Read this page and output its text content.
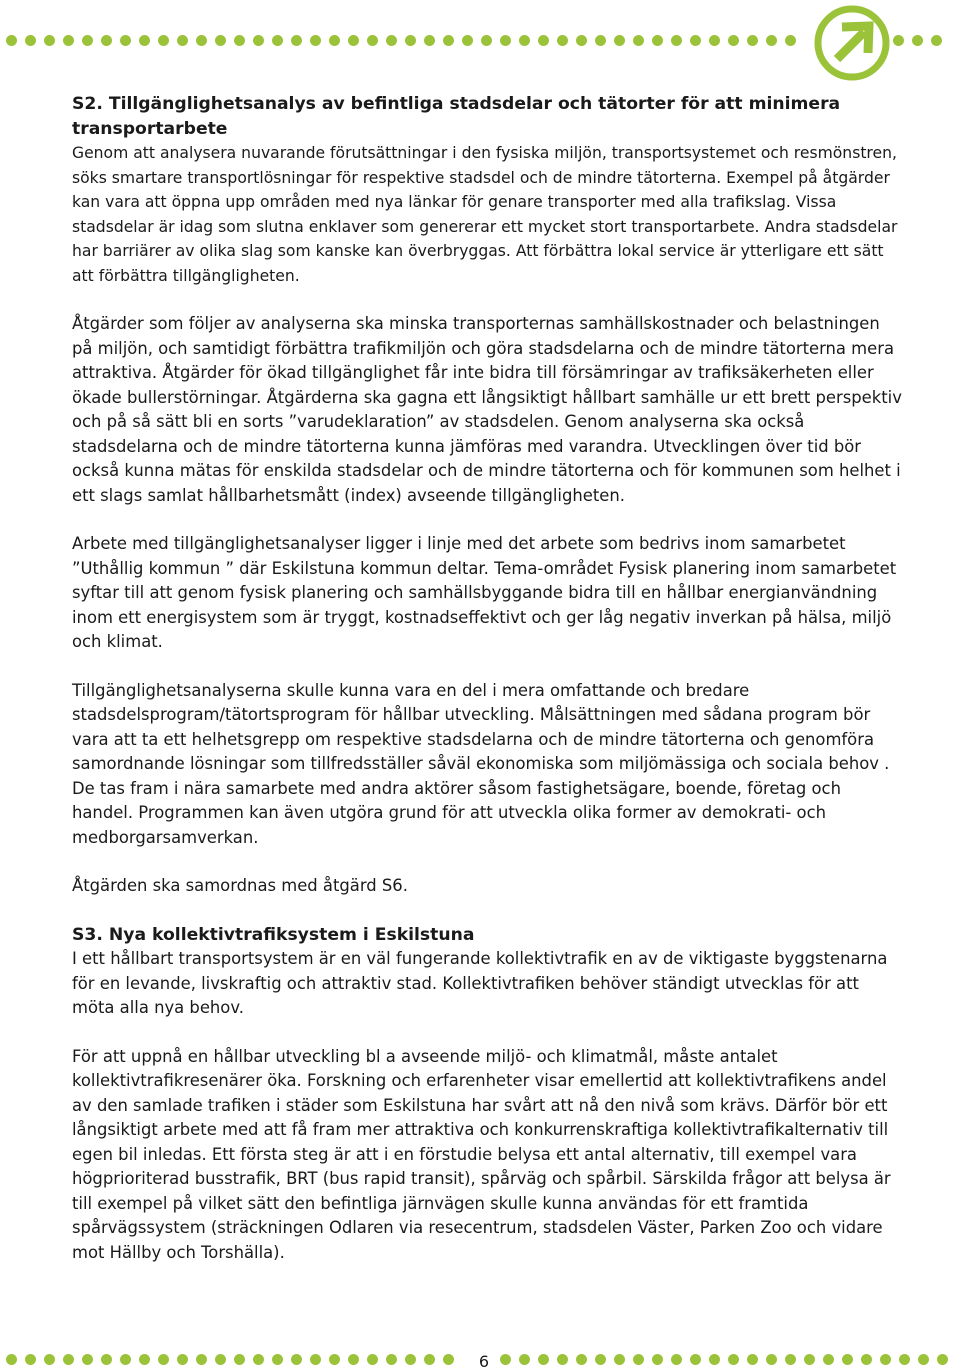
S2. Tillgänglighetsanalys av befintliga stadsdelar och tätorter för att minimera transportarbete

Genom att analysera nuvarande förutsättningar i den fysiska miljön, transportsystemet och resmönstren, söks smartare transportlösningar för respektive stadsdel och de mindre tätorterna. Exempel på åtgärder kan vara att öppna upp områden med nya länkar för genare transporter med alla trafikslag. Vissa stadsdelar är idag som slutna enklaver som genererar ett mycket stort transportarbete. Andra stadsdelar har barriärer av olika slag som kanske kan överbryggas. Att förbättra lokal service är ytterligare ett sätt att förbättra tillgängligheten.

Åtgärder som följer av analyserna ska minska transporternas samhällskostnader och belastningen på miljön, och samtidigt förbättra trafikmiljön och göra stadsdelarna och de mindre tätorterna mera attraktiva. Åtgärder för ökad tillgänglighet får inte bidra till försämringar av trafiksäkerheten eller ökade bullerstörningar. Åtgärderna ska gagna ett långsiktigt hållbart samhälle ur ett brett perspektiv och på så sätt bli en sorts ”varudeklaration” av stadsdelen. Genom analyserna ska också stadsdelarna och de mindre tätorterna kunna jämföras med varandra. Utvecklingen över tid bör också kunna mätas för enskilda stadsdelar och de mindre tätorterna och för kommunen som helhet i ett slags samlat hållbarhetsmått (index) avseende tillgängligheten.

Arbete med tillgänglighetsanalyser ligger i linje med det arbete som bedrivs inom samarbetet ”Uthållig kommun ” där Eskilstuna kommun deltar. Tema-området Fysisk planering inom samarbetet syftar till att genom fysisk planering och samhällsbyggande bidra till en hållbar energianvändning inom ett energisystem som är tryggt, kostnadseffektivt och ger låg negativ inverkan på hälsa, miljö och klimat.

Tillgänglighetsanalyserna skulle kunna vara en del i mera omfattande och bredare stadsdelsprogram/tätortsprogram för hållbar utveckling. Målsättningen med sådana program bör vara att ta ett helhetsgrepp om respektive stadsdelarna och de mindre tätorterna och genomföra samordnande lösningar som tillfredsställer såväl ekonomiska som miljömässiga och sociala behov . De tas fram i nära samarbete med andra aktörer såsom fastighetsägare, boende, företag och handel. Programmen kan även utgöra grund för att utveckla olika former av demokrati- och medborgarsamverkan.

Åtgärden ska samordnas med åtgärd S6.

S3. Nya kollektivtrafiksystem i Eskilstuna

I ett hållbart transportsystem är en väl fungerande kollektivtrafik en av de viktigaste byggstenarna för en levande, livskraftig och attraktiv stad. Kollektivtrafiken behöver ständigt utvecklas för att möta alla nya behov.

För att uppnå en hållbar utveckling bl a avseende miljö- och klimatmål, måste antalet kollektivtrafikresenärer öka. Forskning och erfarenheter visar emellertid att kollektivtrafikens andel av den samlade trafiken i städer som Eskilstuna har svårt att nå den nivå som krävs. Därför bör ett långsiktigt arbete med att få fram mer attraktiva och konkurrenskraftiga kollektivtrafikalternativ till egen bil inledas. Ett första steg är att i en förstudie belysa ett antal alternativ, till exempel vara högprioriterad busstrafik, BRT (bus rapid transit), spårväg och spårbil. Särskilda frågor att belysa är till exempel på vilket sätt den befintliga järnvägen skulle kunna användas för ett framtida spårvägssystem (sträckningen Odlaren via resecentrum, stadsdelen Väster, Parken Zoo och vidare mot Hällby och Torshälla).

6
